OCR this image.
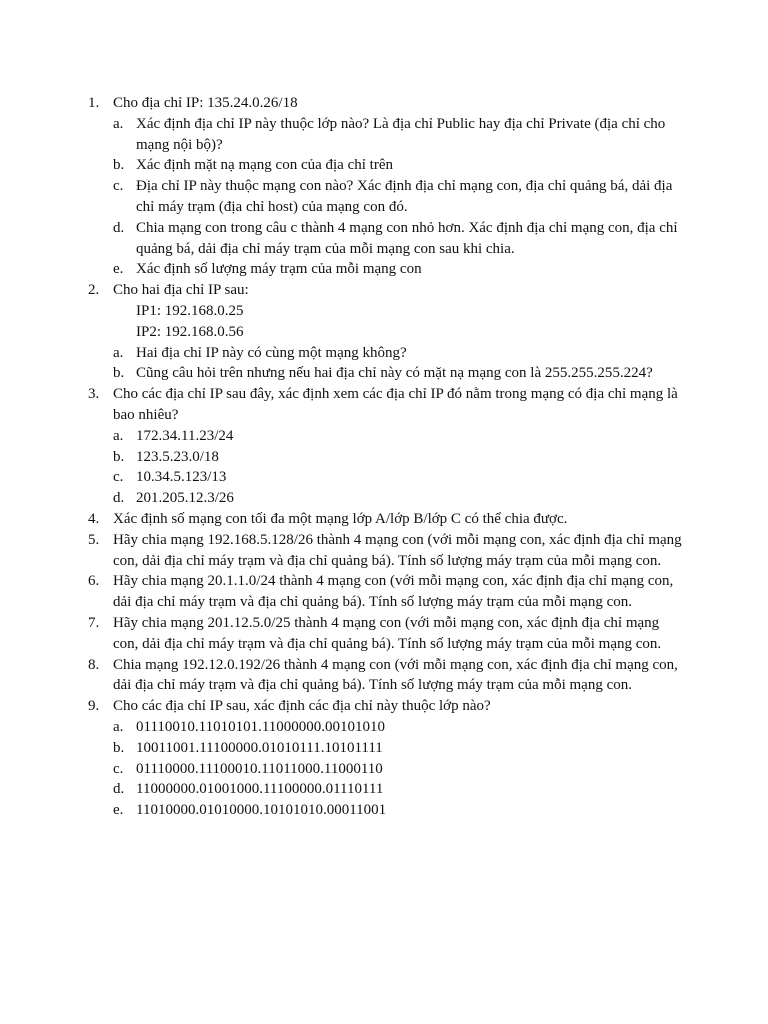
1. Cho địa chỉ IP: 135.24.0.26/18
a. Xác định địa chỉ IP này thuộc lớp nào? Là địa chỉ Public hay địa chỉ Private (địa chỉ cho mạng nội bộ)?
b. Xác định mặt nạ mạng con của địa chỉ trên
c. Địa chỉ IP này thuộc mạng con nào? Xác định địa chỉ mạng con, địa chỉ quảng bá, dải địa chỉ máy trạm (địa chỉ host) của mạng con đó.
d. Chia mạng con trong câu c thành 4 mạng con nhỏ hơn. Xác định địa chỉ mạng con, địa chỉ quảng bá, dải địa chỉ máy trạm của mỗi mạng con sau khi chia.
e. Xác định số lượng máy trạm của mỗi mạng con
2. Cho hai địa chỉ IP sau:
IP1: 192.168.0.25
IP2: 192.168.0.56
a. Hai địa chỉ IP này có cùng một mạng không?
b. Cũng câu hỏi trên nhưng nếu hai địa chỉ này có mặt nạ mạng con là 255.255.255.224?
3. Cho các địa chỉ IP sau đây, xác định xem các địa chỉ IP đó nằm trong mạng có địa chỉ mạng là bao nhiêu?
a. 172.34.11.23/24
b. 123.5.23.0/18
c. 10.34.5.123/13
d. 201.205.12.3/26
4. Xác định số mạng con tối đa một mạng lớp A/lớp B/lớp C có thể chia được.
5. Hãy chia mạng 192.168.5.128/26 thành 4 mạng con (với mỗi mạng con, xác định địa chỉ mạng con, dải địa chỉ máy trạm và địa chỉ quảng bá). Tính số lượng máy trạm của mỗi mạng con.
6. Hãy chia mạng 20.1.1.0/24 thành 4 mạng con (với mỗi mạng con, xác định địa chỉ mạng con, dải địa chỉ máy trạm và địa chỉ quảng bá). Tính số lượng máy trạm của mỗi mạng con.
7. Hãy chia mạng 201.12.5.0/25 thành 4 mạng con (với mỗi mạng con, xác định địa chỉ mạng con, dải địa chỉ máy trạm và địa chỉ quảng bá). Tính số lượng máy trạm của mỗi mạng con.
8. Chia mạng 192.12.0.192/26 thành 4 mạng con (với mỗi mạng con, xác định địa chỉ mạng con, dải địa chỉ máy trạm và địa chỉ quảng bá). Tính số lượng máy trạm của mỗi mạng con.
9. Cho các địa chỉ IP sau, xác định các địa chỉ này thuộc lớp nào?
a. 01110010.11010101.11000000.00101010
b. 10011001.11100000.01010111.10101111
c. 01110000.11100010.11011000.11000110
d. 11000000.01001000.11100000.01110111
e. 11010000.01010000.10101010.00011001
